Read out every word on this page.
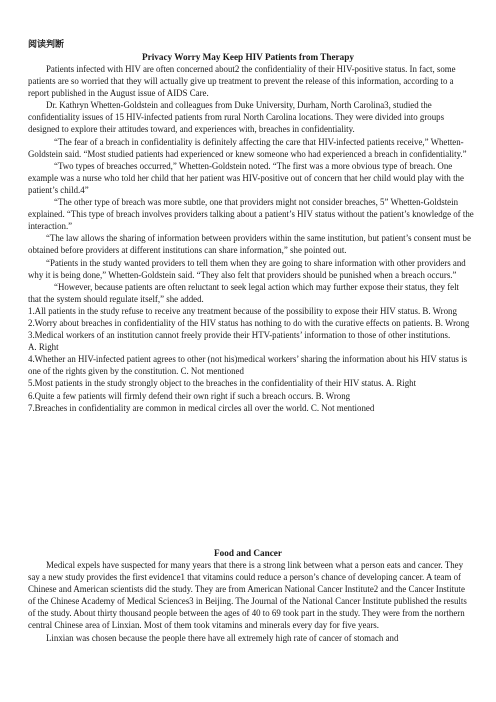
阅读判断
Privacy Worry May Keep HIV Patients from Therapy

Patients infected with HIV are often concerned about2 the confidentiality of their HIV-positive status. In fact, some patients are so worried that they will actually give up treatment to prevent the release of this information, according to a report published in the August issue of AIDS Care.

Dr. Kathryn Whetten-Goldstein and colleagues from Duke University, Durham, North Carolina3, studied the confidentiality issues of 15 HIV-infected patients from rural North Carolina locations. They were divided into groups designed to explore their attitudes toward, and experiences with, breaches in confidentiality.

“The fear of a breach in confidentiality is definitely affecting the care that HIV-infected patients receive,” Whetten-Goldstein said. “Most studied patients had experienced or knew someone who had experienced a breach in confidentiality.”

“Two types of breaches occurred,” Whetten-Goldstein noted. “The first was a more obvious type of breach. One example was a nurse who told her child that her patient was HIV-positive out of concern that her child would play with the patient’s child.4”

“The other type of breach was more subtle, one that providers might not consider breaches, 5” Whetten-Goldstein explained. “This type of breach involves providers talking about a patient’s HIV status without the patient’s knowledge of the interaction.”

“The law allows the sharing of information between providers within the same institution, but patient’s consent must be obtained before providers at different institutions can share information,” she pointed out.

“Patients in the study wanted providers to tell them when they are going to share information with other providers and why it is being done,” Whetten-Goldstein said. “They also felt that providers should be punished when a breach occurs.”

“However, because patients are often reluctant to seek legal action which may further expose their status, they felt that the system should regulate itself,” she added.

1.All patients in the study refuse to receive any treatment because of the possibility to expose their HIV status. B. Wrong

2.Worry about breaches in confidentiality of the HIV status has nothing to do with the curative effects on patients. B. Wrong

3.Medical workers of an institution cannot freely provide their HTV-patients’ information to those of other institutions.

A. Right

4.Whether an HIV-infected patient agrees to other (not his)medical workers’ sharing the information about his HIV status is one of the rights given by the constitution. C. Not mentioned

5.Most patients in the study strongly object to the breaches in the confidentiality of their HIV status. A. Right

6.Quite a few patients will firmly defend their own right if such a breach occurs. B. Wrong

7.Breaches in confidentiality are common in medical circles all over the world. C. Not mentioned

Food and Cancer

Medical expels have suspected for many years that there is a strong link between what a person eats and cancer. They say a new study provides the first evidence1 that vitamins could reduce a person’s chance of developing cancer. A team of Chinese and American scientists did the study. They are from American National Cancer Institute2 and the Cancer Institute of the Chinese Academy of Medical Sciences3 in Beijing. The Journal of the National Cancer Institute published the results of the study. About thirty thousand people between the ages of 40 to 69 took part in the study. They were from the northern central Chinese area of Linxian. Most of them took vitamins and minerals every day for five years.

Linxian was chosen because the people there have all extremely high rate of cancer of stomach and
